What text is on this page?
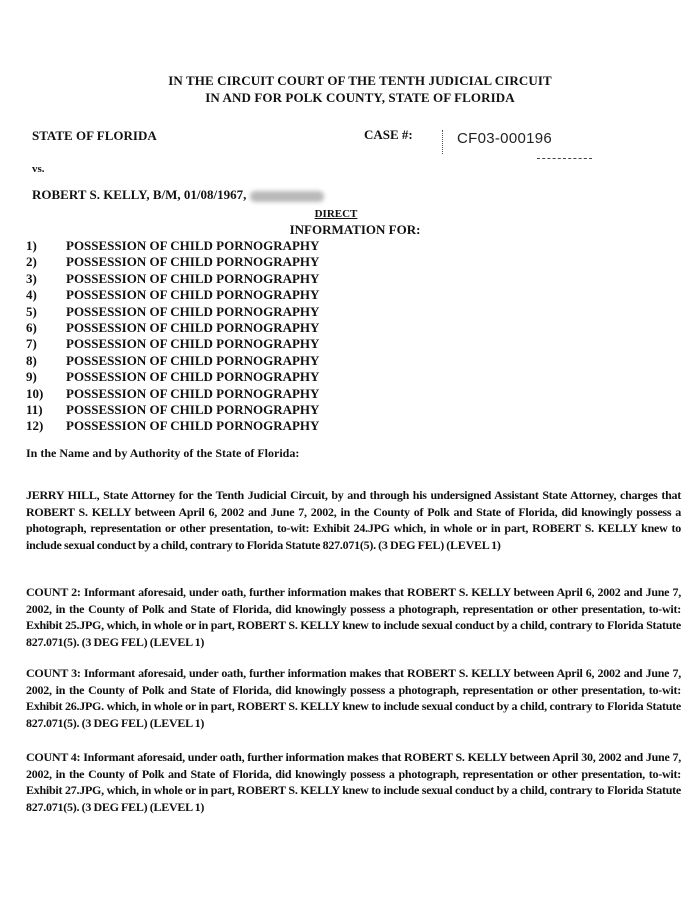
IN THE CIRCUIT COURT OF THE TENTH JUDICIAL CIRCUIT
IN AND FOR POLK COUNTY, STATE OF FLORIDA
STATE OF FLORIDA	CASE #:	CF03-000196
vs.
ROBERT S. KELLY, B/M, 01/08/1967,
DIRECT
INFORMATION FOR:
1) POSSESSION OF CHILD PORNOGRAPHY
2) POSSESSION OF CHILD PORNOGRAPHY
3) POSSESSION OF CHILD PORNOGRAPHY
4) POSSESSION OF CHILD PORNOGRAPHY
5) POSSESSION OF CHILD PORNOGRAPHY
6) POSSESSION OF CHILD PORNOGRAPHY
7) POSSESSION OF CHILD PORNOGRAPHY
8) POSSESSION OF CHILD PORNOGRAPHY
9) POSSESSION OF CHILD PORNOGRAPHY
10) POSSESSION OF CHILD PORNOGRAPHY
11) POSSESSION OF CHILD PORNOGRAPHY
12) POSSESSION OF CHILD PORNOGRAPHY
In the Name and by Authority of the State of Florida:

JERRY HILL, State Attorney for the Tenth Judicial Circuit, by and through his undersigned Assistant State Attorney, charges that ROBERT S. KELLY between April 6, 2002 and June 7, 2002, in the County of Polk and State of Florida, did knowingly possess a photograph, representation or other presentation, to-wit: Exhibit 24.JPG which, in whole or in part, ROBERT S. KELLY knew to include sexual conduct by a child, contrary to Florida Statute 827.071(5). (3 DEG FEL) (LEVEL 1)

COUNT 2: Informant aforesaid, under oath, further information makes that ROBERT S. KELLY between April 6, 2002 and June 7, 2002, in the County of Polk and State of Florida, did knowingly possess a photograph, representation or other presentation, to-wit: Exhibit 25.JPG, which, in whole or in part, ROBERT S. KELLY knew to include sexual conduct by a child, contrary to Florida Statute 827.071(5). (3 DEG FEL) (LEVEL 1)

COUNT 3: Informant aforesaid, under oath, further information makes that ROBERT S. KELLY between April 6, 2002 and June 7, 2002, in the County of Polk and State of Florida, did knowingly possess a photograph, representation or other presentation, to-wit: Exhibit 26.JPG. which, in whole or in part, ROBERT S. KELLY knew to include sexual conduct by a child, contrary to Florida Statute 827.071(5). (3 DEG FEL) (LEVEL 1)

COUNT 4: Informant aforesaid, under oath, further information makes that ROBERT S. KELLY between April 30, 2002 and June 7, 2002, in the County of Polk and State of Florida, did knowingly possess a photograph, representation or other presentation, to-wit: Exhibit 27.JPG, which, in whole or in part, ROBERT S. KELLY knew to include sexual conduct by a child, contrary to Florida Statute 827.071(5). (3 DEG FEL) (LEVEL 1)
